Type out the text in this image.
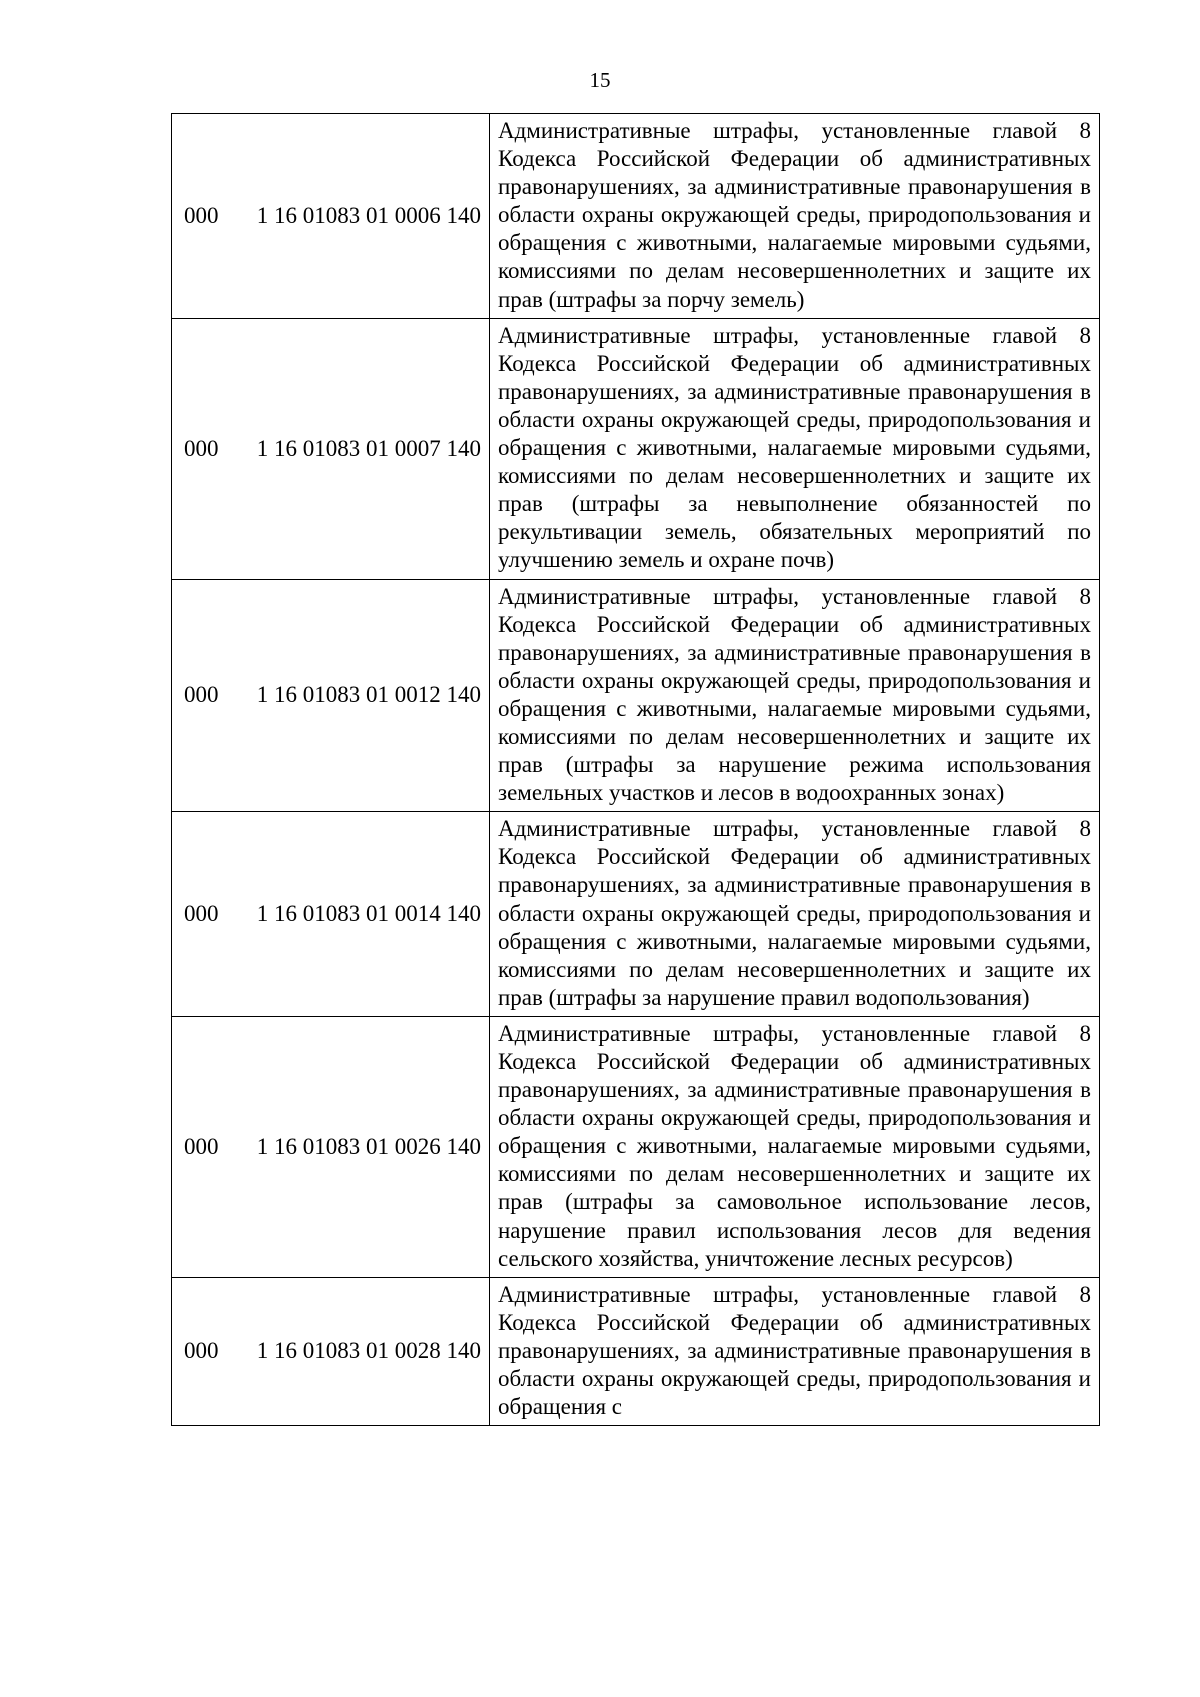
15
000 1 16 01083 01 0006 140	Административные штрафы, установленные главой 8 Кодекса Российской Федерации об административных правонарушениях, за административные правонарушения в области охраны окружающей среды, природопользования и обращения с животными, налагаемые мировыми судьями, комиссиями по делам несовершеннолетних и защите их прав (штрафы за порчу земель)

000 1 16 01083 01 0007 140	Административные штрафы, установленные главой 8 Кодекса Российской Федерации об административных правонарушениях, за административные правонарушения в области охраны окружающей среды, природопользования и обращения с животными, налагаемые мировыми судьями, комиссиями по делам несовершеннолетних и защите их прав (штрафы за невыполнение обязанностей по рекультивации земель, обязательных мероприятий по улучшению земель и охране почв)

000 1 16 01083 01 0012 140	Административные штрафы, установленные главой 8 Кодекса Российской Федерации об административных правонарушениях, за административные правонарушения в области охраны окружающей среды, природопользования и обращения с животными, налагаемые мировыми судьями, комиссиями по делам несовершеннолетних и защите их прав (штрафы за нарушение режима использования земельных участков и лесов в водоохранных зонах)

000 1 16 01083 01 0014 140	Административные штрафы, установленные главой 8 Кодекса Российской Федерации об административных правонарушениях, за административные правонарушения в области охраны окружающей среды, природопользования и обращения с животными, налагаемые мировыми судьями, комиссиями по делам несовершеннолетних и защите их прав (штрафы за нарушение правил водопользования)

000 1 16 01083 01 0026 140	Административные штрафы, установленные главой 8 Кодекса Российской Федерации об административных правонарушениях, за административные правонарушения в области охраны окружающей среды, природопользования и обращения с животными, налагаемые мировыми судьями, комиссиями по делам несовершеннолетних и защите их прав (штрафы за самовольное использование лесов, нарушение правил использования лесов для ведения сельского хозяйства, уничтожение лесных ресурсов)

000 1 16 01083 01 0028 140	Административные штрафы, установленные главой 8 Кодекса Российской Федерации об административных правонарушениях, за административные правонарушения в области охраны окружающей среды, природопользования и обращения с
